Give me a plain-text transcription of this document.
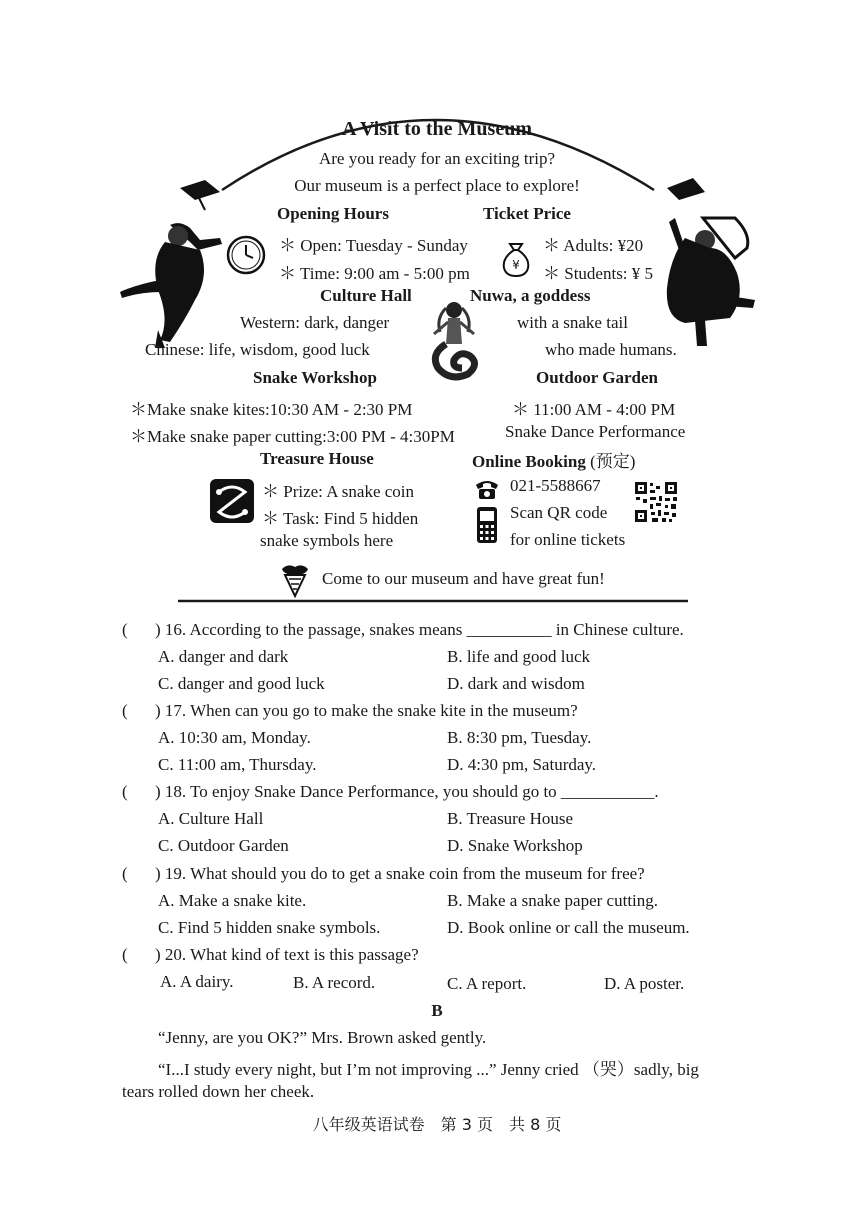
A Visit to the Museum
Are you ready for an exciting trip?
Our museum is a perfect place to explore!
Opening Hours
＊ Open: Tuesday - Sunday
＊ Time: 9:00 am - 5:00 pm
Ticket Price
¥
＊ Adults: ¥20
＊ Students: ¥ 5
Culture Hall
Western: dark, danger
Chinese: life, wisdom, good luck
Nuwa, a goddess
with a snake tail
who made humans.
Snake Workshop
＊Make snake kites:10:30 AM - 2:30 PM
＊Make snake paper cutting:3:00 PM - 4:30PM
Outdoor Garden
＊ 11:00 AM - 4:00 PM
Snake Dance Performance
Treasure House
＊ Prize: A snake coin
＊ Task: Find 5 hidden
snake symbols here
Online Booking (预定)
021-5588667
Scan QR code
for online tickets
Come to our museum and have great fun!
( ) 16. According to the passage, snakes means __________ in Chinese culture.
A. danger and dark	B. life and good luck
C. danger and good luck	D. dark and wisdom
( ) 17. When can you go to make the snake kite in the museum?
A. 10:30 am, Monday.	B. 8:30 pm, Tuesday.
C. 11:00 am, Thursday.	D. 4:30 pm, Saturday.
( ) 18. To enjoy Snake Dance Performance, you should go to ___________.
A. Culture Hall	B. Treasure House
C. Outdoor Garden	D. Snake Workshop
( ) 19. What should you do to get a snake coin from the museum for free?
A. Make a snake kite.	B. Make a snake paper cutting.
C. Find 5 hidden snake symbols.	D. Book online or call the museum.
( ) 20. What kind of text is this passage?
A. A dairy.	B. A record.	C. A report.	D. A poster.
B
“Jenny, are you OK?” Mrs. Brown asked gently.
“I...I study every night, but I’m not improving ...” Jenny cried （哭）sadly, big
tears rolled down her cheek.
八年级英语试卷　第 3 页　共 8 页
